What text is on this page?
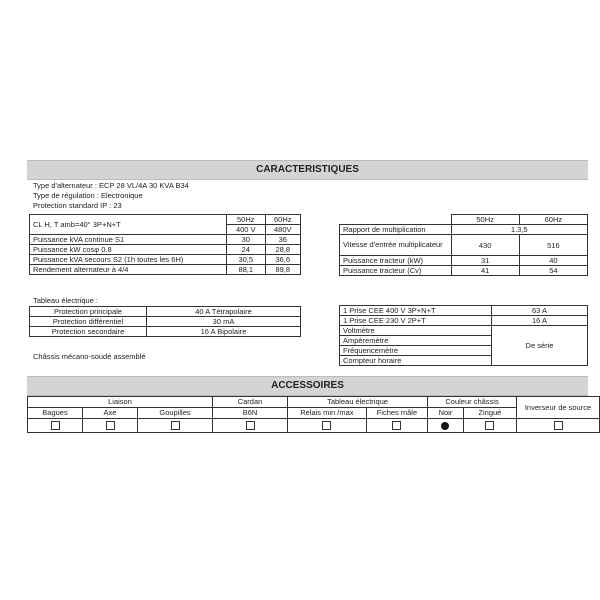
CARACTERISTIQUES
Type d'alternateur : ECP 28 VL/4A 30 KVA B34
Type de régulation : Electronique
Protection standard IP : 23
CL H, T amb=40° 3P+N+T	50Hz	60Hz
	400 V	480V
Puissance kVA continue S1	30	36
Puissance kW cosφ 0.8	24	28,8
Puissance kVA secours S2 (1h toutes les 6H)	30,5	36,6
Rendement alternateur à 4/4	88,1	89,8
	50Hz	60Hz
Rapport de multiplication	1.3,5	
Vitesse d'entrée multiplicateur	430	516
Puissance tracteur (kW)	31	40
Puissance tracteur (Cv)	41	54
Tableau électrique :
Protection principale	40 A Tétrapolaire
Protection différentiel	30 mA
Protection secondaire	16 A Bipolaire
1 Prise CEE 400 V 3P+N+T	63 A
1 Prise CEE 230 V 2P+T	16 A
Voltmètre	De série
Ampèremètre	
Fréquencemètre	
Compteur horaire	
Châssis mécano-soudé assemblé
ACCESSOIRES
Liaison			Cardan	Tableau électrique		Couleur châssis		Inverseur de source
Bagues	Axe	Goupilles	B6N	Relais min /max	Fiches mâle	Noir	Zingué	
